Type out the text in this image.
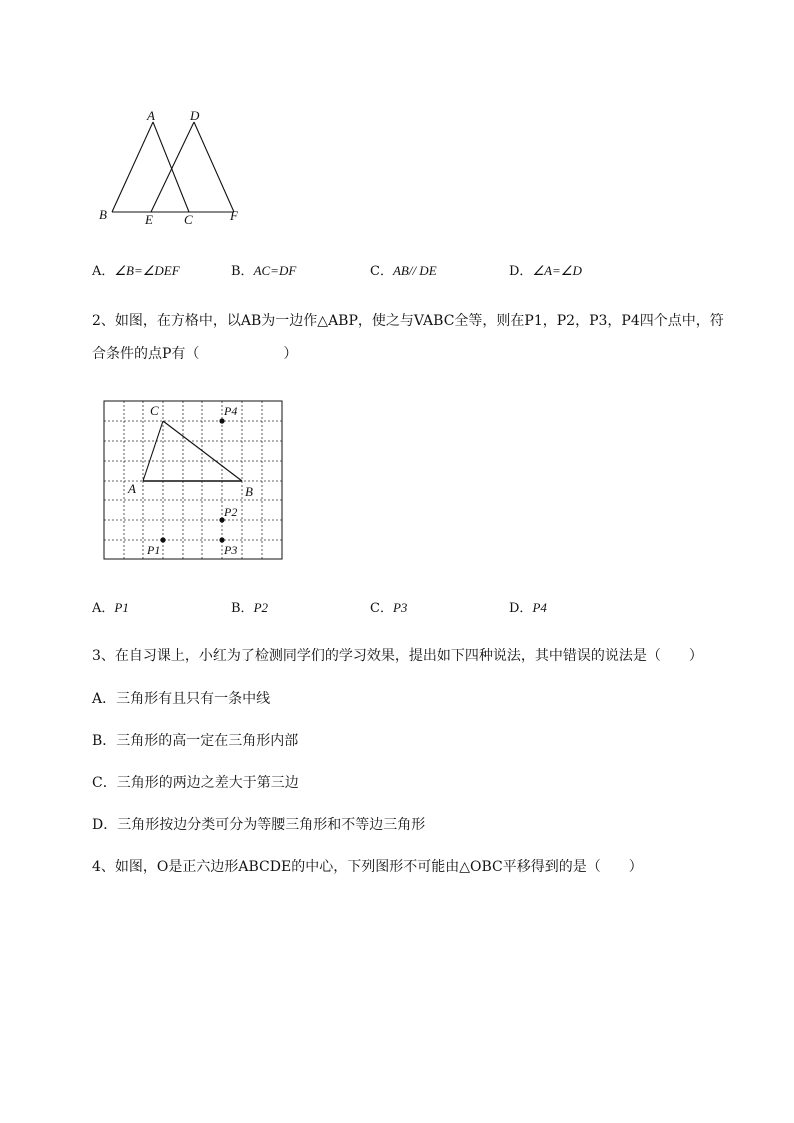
A	D
B	E C	F
A．∠B=∠DEF	B．AC=DF	C．AB// DE	D．∠A=∠D
2、如图，在方格中，以AB为一边作△ABP，使之与VABC全等，则在P1，P2，P3，P4四个点中，符
合条件的点P有（　　　　　　）
C
A	B
P1
P2
P3
P4
A．P1	B．P2	C．P3	D．P4
3、在自习课上，小红为了检测同学们的学习效果，提出如下四种说法，其中错误的说法是（　　）
A．三角形有且只有一条中线
B．三角形的高一定在三角形内部
C．三角形的两边之差大于第三边
D．三角形按边分类可分为等腰三角形和不等边三角形
4、如图，O是正六边形ABCDE的中心，下列图形不可能由△OBC平移得到的是（　　）
